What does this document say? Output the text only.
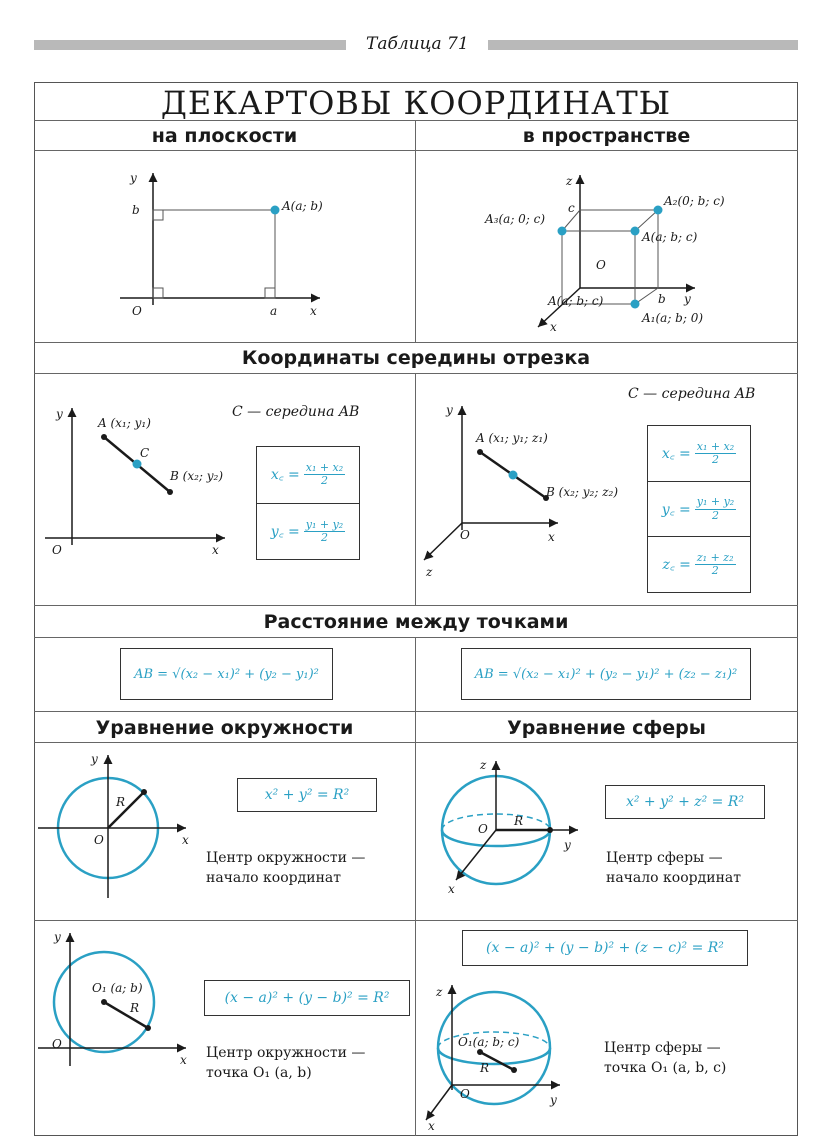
Таблица 71
ДЕКАРТОВЫ КООРДИНАТЫ
на плоскости	в пространстве
Координаты середины отрезка
Расстояние между точками
Уравнение окружности	Уравнение сферы
y
x
O
b
a
A(a; b)
z
y
x
O
c
A(a; b; c)	b
A₂(0; b; c)
A₃(a; 0; c)
A(a; b; c)
A₁(a; b; 0)
y
x
O
A (x₁; y₁)
B (x₂; y₂)
C
C — середина AB
x꜀ = $\frac{\text{x₁ + x₂}}{2}$
y꜀ = $\frac{\text{y₁ + y₂}}{2}$
y
x
z
O
A (x₁; y₁; z₁)
B (x₂; y₂; z₂)
C — середина AB
x꜀ = $\frac{\text{x₁ + x₂}}{2}$
y꜀ = $\frac{\text{y₁ + y₂}}{2}$
z꜀ = $\frac{\text{z₁ + z₂}}{2}$
AB = √(x₂ − x₁)² + (y₂ − y₁)²	AB = √(x₂ − x₁)² + (y₂ − y₁)² + (z₂ − z₁)²
y
x
O
R	x² + y² = R²
Центр окружности —
начало координат
y
x
O
R
O₁ (a; b)
(x − a)² + (y − b)² = R²
Центр окружности —
точка O₁ (a, b)
z
y
x
O
R
x² + y² + z² = R²
Центр сферы —
начало координат
(x − a)² + (y − b)² + (z − c)² = R²
z
y
x
O
R
O₁(a; b; c)	Центр сферы —
точка O₁ (a, b, c)
